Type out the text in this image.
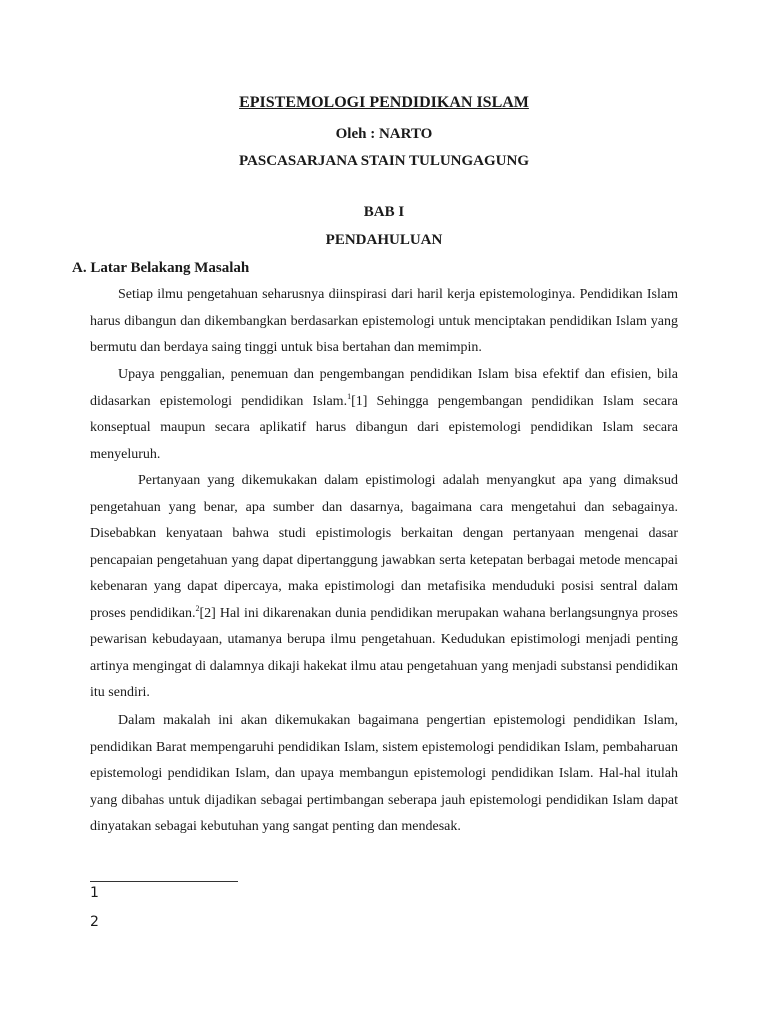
EPISTEMOLOGI PENDIDIKAN ISLAM
Oleh : NARTO
PASCASARJANA STAIN TULUNGAGUNG
BAB I
PENDAHULUAN
A. Latar Belakang Masalah

Setiap ilmu pengetahuan seharusnya diinspirasi dari haril kerja epistemologinya. Pendidikan Islam harus dibangun dan dikembangkan berdasarkan epistemologi untuk menciptakan pendidikan Islam yang bermutu dan berdaya saing tinggi untuk bisa bertahan dan memimpin.

Upaya penggalian, penemuan dan pengembangan pendidikan Islam bisa efektif dan efisien, bila didasarkan epistemologi pendidikan Islam.$^1$[1] Sehingga pengembangan pendidikan Islam secara konseptual maupun secara aplikatif harus dibangun dari epistemologi pendidikan Islam secara menyeluruh.

Pertanyaan yang dikemukakan dalam epistimologi adalah menyangkut apa yang dimaksud pengetahuan yang benar, apa sumber dan dasarnya, bagaimana cara mengetahui dan sebagainya. Disebabkan kenyataan bahwa studi epistimologis berkaitan dengan pertanyaan mengenai dasar pencapaian pengetahuan yang dapat dipertanggung jawabkan serta ketepatan berbagai metode mencapai kebenaran yang dapat dipercaya, maka epistimologi dan metafisika menduduki posisi sentral dalam proses pendidikan.$^2$[2] Hal ini dikarenakan dunia pendidikan merupakan wahana berlangsungnya proses pewarisan kebudayaan, utamanya berupa ilmu pengetahuan. Kedudukan epistimologi menjadi penting artinya mengingat di dalamnya dikaji hakekat ilmu atau pengetahuan yang menjadi substansi pendidikan itu sendiri.

Dalam makalah ini akan dikemukakan bagaimana pengertian epistemologi pendidikan Islam, pendidikan Barat mempengaruhi pendidikan Islam, sistem epistemologi pendidikan Islam, pembaharuan epistemologi pendidikan Islam, dan upaya membangun epistemologi pendidikan Islam. Hal-hal itulah yang dibahas untuk dijadikan sebagai pertimbangan seberapa jauh epistemologi pendidikan Islam dapat dinyatakan sebagai kebutuhan yang sangat penting dan mendesak.

1
2
